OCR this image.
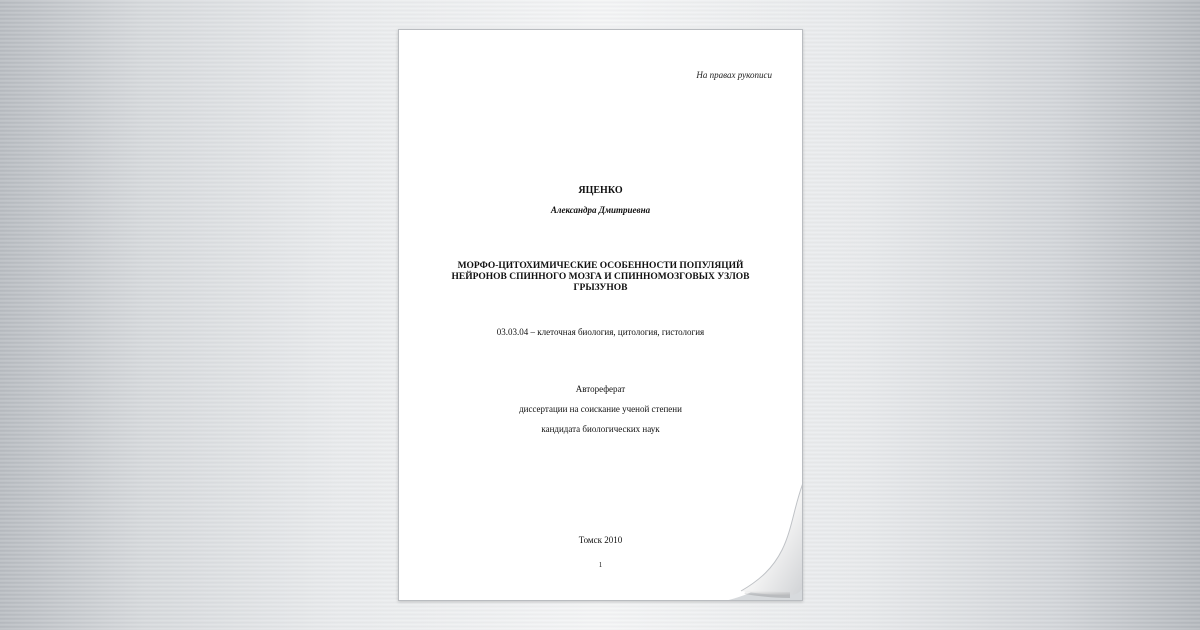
На правах рукописи
ЯЦЕНКО
Александра Дмитриевна
МОРФО-ЦИТОХИМИЧЕСКИЕ ОСОБЕННОСТИ ПОПУЛЯЦИЙ
НЕЙРОНОВ СПИННОГО МОЗГА И СПИННОМОЗГОВЫХ УЗЛОВ
ГРЫЗУНОВ
03.03.04 – клеточная биология, цитология, гистология
Автореферат
диссертации на соискание ученой степени
кандидата биологических наук
Томск 2010
1
